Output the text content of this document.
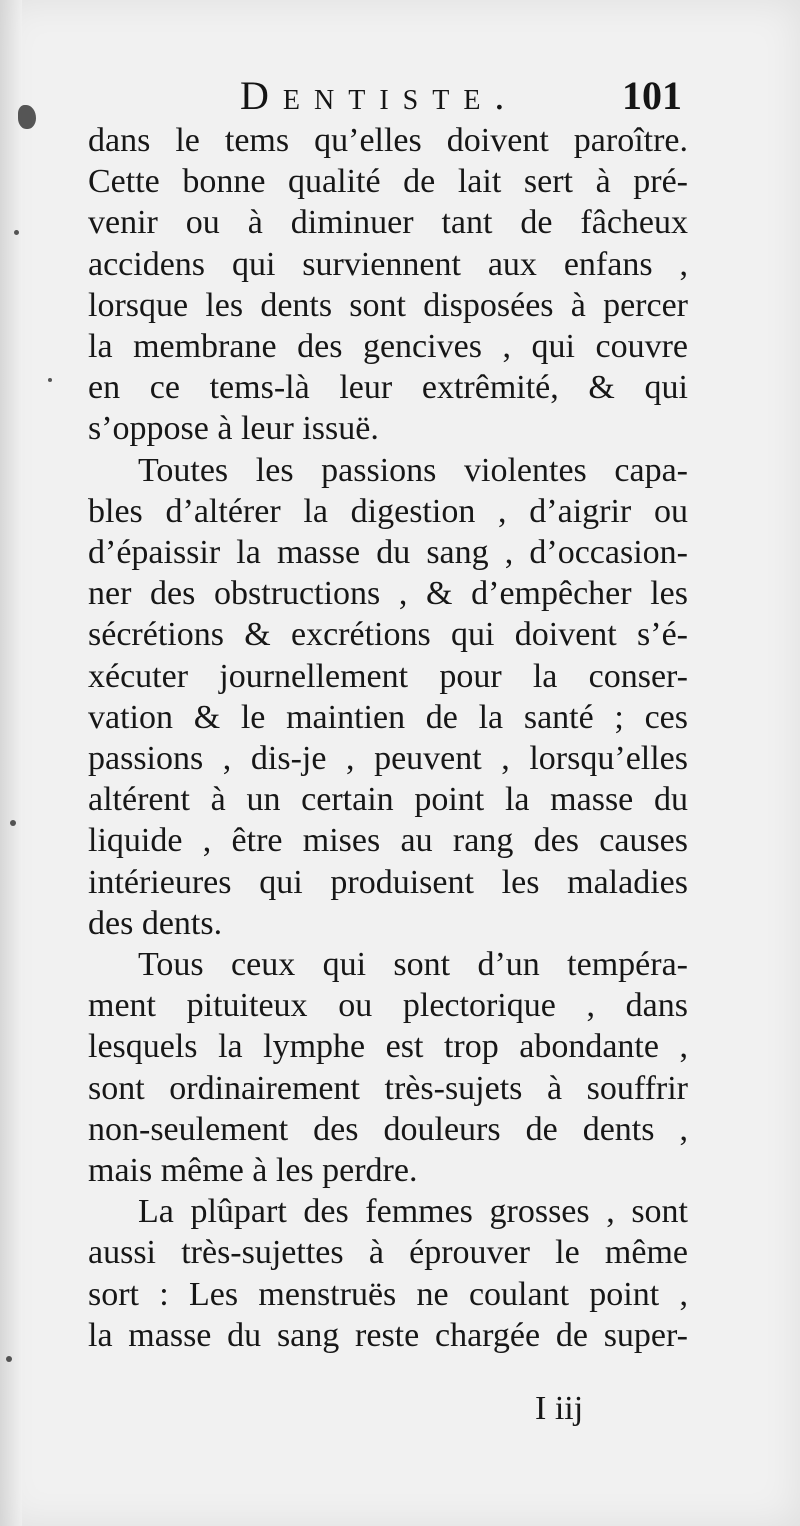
Dentiste.	101
dans le tems qu’elles doivent paroître.
Cette bonne qualité de lait sert à pré-
venir ou à diminuer tant de fâcheux
accidens qui surviennent aux enfans ,
lorsque les dents sont disposées à percer
la membrane des gencives , qui couvre
en ce tems-là leur extrêmité, & qui
s’oppose à leur issuë.
Toutes les passions violentes capa-
bles d’altérer la digestion , d’aigrir ou
d’épaissir la masse du sang , d’occasion-
ner des obstructions , & d’empêcher les
sécrétions & excrétions qui doivent s’é-
xécuter journellement pour la conser-
vation & le maintien de la santé ; ces
passions , dis-je , peuvent , lorsqu’elles
altérent à un certain point la masse du
liquide , être mises au rang des causes
intérieures qui produisent les maladies
des dents.
Tous ceux qui sont d’un tempéra-
ment pituiteux ou plectorique , dans
lesquels la lymphe est trop abondante ,
sont ordinairement très-sujets à souffrir
non-seulement des douleurs de dents ,
mais même à les perdre.
La plûpart des femmes grosses , sont
aussi très-sujettes à éprouver le même
sort : Les menstruës ne coulant point ,
la masse du sang reste chargée de super-
I iij
